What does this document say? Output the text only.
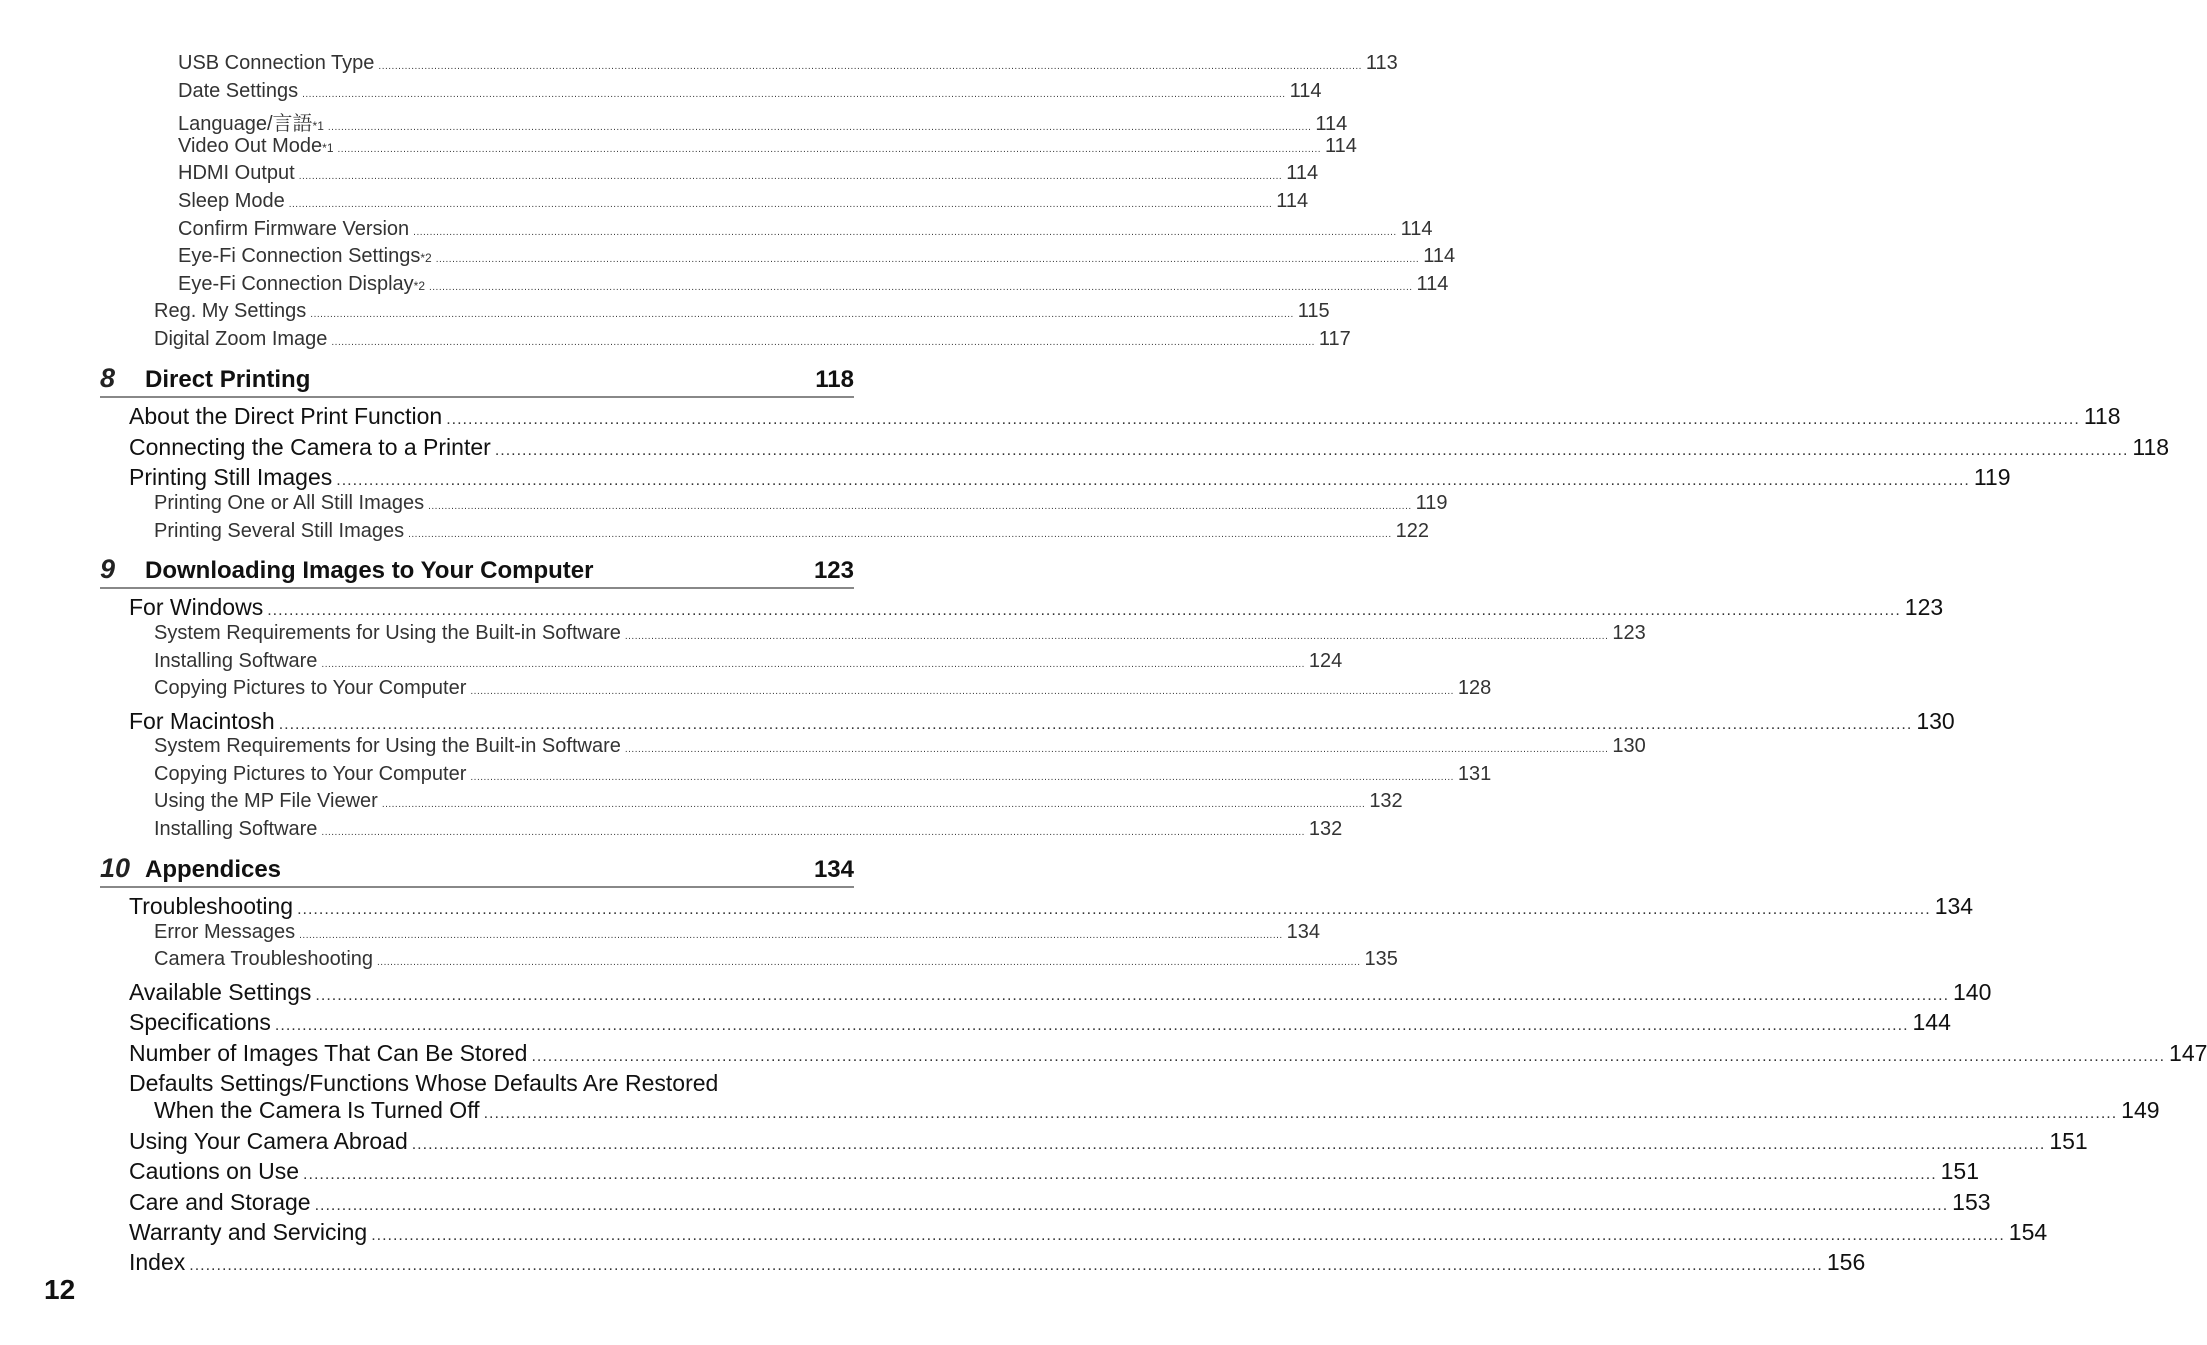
USB Connection Type ............................................................................................................................................................................................................................................................................................................ 113
Date Settings ............................................................................................................................................................................................................................................................................................................ 114
Language/言語 *1 ............................................................................................................................................................................................................................................................................................................ 114
Video Out Mode *1 ............................................................................................................................................................................................................................................................................................................ 114
HDMI Output ............................................................................................................................................................................................................................................................................................................ 114
Sleep Mode ............................................................................................................................................................................................................................................................................................................ 114
Confirm Firmware Version ............................................................................................................................................................................................................................................................................................................ 114
Eye-Fi Connection Settings *2 ............................................................................................................................................................................................................................................................................................................ 114
Eye-Fi Connection Display *2 ............................................................................................................................................................................................................................................................................................................ 114
Reg. My Settings ............................................................................................................................................................................................................................................................................................................ 115
Digital Zoom Image ............................................................................................................................................................................................................................................................................................................ 117
8 Direct Printing	118
About the Direct Print Function ............................................................................................................................................................................................................................................................................................................ 118
Connecting the Camera to a Printer ............................................................................................................................................................................................................................................................................................................ 118
Printing Still Images ............................................................................................................................................................................................................................................................................................................ 119
Printing One or All Still Images ............................................................................................................................................................................................................................................................................................................ 119
Printing Several Still Images ............................................................................................................................................................................................................................................................................................................ 122
9 Downloading Images to Your Computer	123
For Windows ............................................................................................................................................................................................................................................................................................................ 123
System Requirements for Using the Built-in Software ............................................................................................................................................................................................................................................................................................................ 123
Installing Software ............................................................................................................................................................................................................................................................................................................ 124
Copying Pictures to Your Computer ............................................................................................................................................................................................................................................................................................................ 128
For Macintosh ............................................................................................................................................................................................................................................................................................................ 130
System Requirements for Using the Built-in Software ............................................................................................................................................................................................................................................................................................................ 130
Copying Pictures to Your Computer ............................................................................................................................................................................................................................................................................................................ 131
Using the MP File Viewer ............................................................................................................................................................................................................................................................................................................ 132
Installing Software ............................................................................................................................................................................................................................................................................................................ 132
10 Appendices	134
Troubleshooting ............................................................................................................................................................................................................................................................................................................ 134
Error Messages ............................................................................................................................................................................................................................................................................................................ 134
Camera Troubleshooting ............................................................................................................................................................................................................................................................................................................ 135
Available Settings ............................................................................................................................................................................................................................................................................................................ 140
Specifications ............................................................................................................................................................................................................................................................................................................ 144
Number of Images That Can Be Stored ............................................................................................................................................................................................................................................................................................................ 147
Defaults Settings/Functions Whose Defaults Are Restored
When the Camera Is Turned Off ............................................................................................................................................................................................................................................................................................................ 149
Using Your Camera Abroad ............................................................................................................................................................................................................................................................................................................ 151
Cautions on Use ............................................................................................................................................................................................................................................................................................................ 151
Care and Storage ............................................................................................................................................................................................................................................................................................................ 153
Warranty and Servicing ............................................................................................................................................................................................................................................................................................................ 154
Index ............................................................................................................................................................................................................................................................................................................ 156
12
